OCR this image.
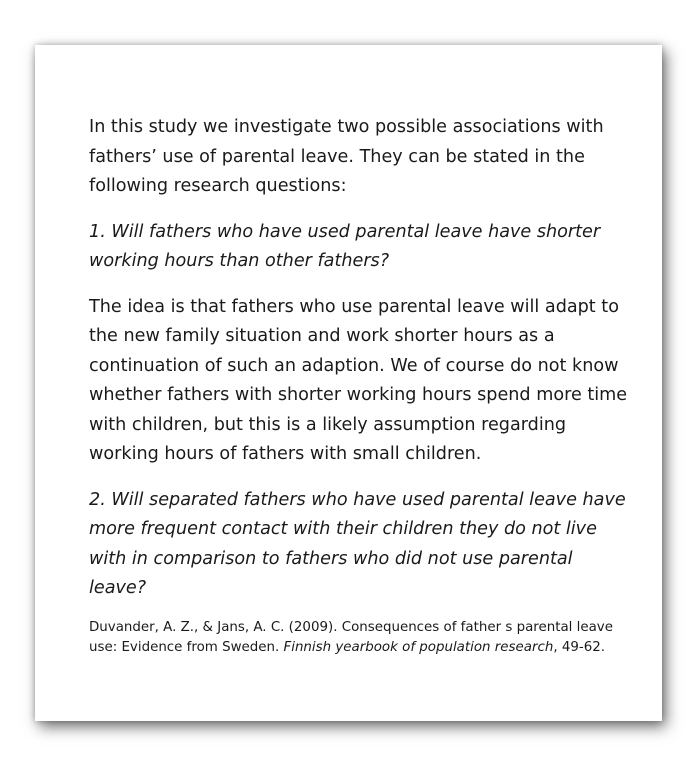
In this study we investigate two possible associations with fathers’ use of parental leave. They can be stated in the following research questions:

1. Will fathers who have used parental leave have shorter working hours than other fathers?

The idea is that fathers who use parental leave will adapt to the new family situation and work shorter hours as a continuation of such an adaption. We of course do not know whether fathers with shorter working hours spend more time with children, but this is a likely assumption regarding working hours of fathers with small children.

2. Will separated fathers who have used parental leave have more frequent contact with their children they do not live with in comparison to fathers who did not use parental leave?

Duvander, A. Z., & Jans, A. C. (2009). Consequences of father s parental leave use: Evidence from Sweden. Finnish yearbook of population research, 49-62.
